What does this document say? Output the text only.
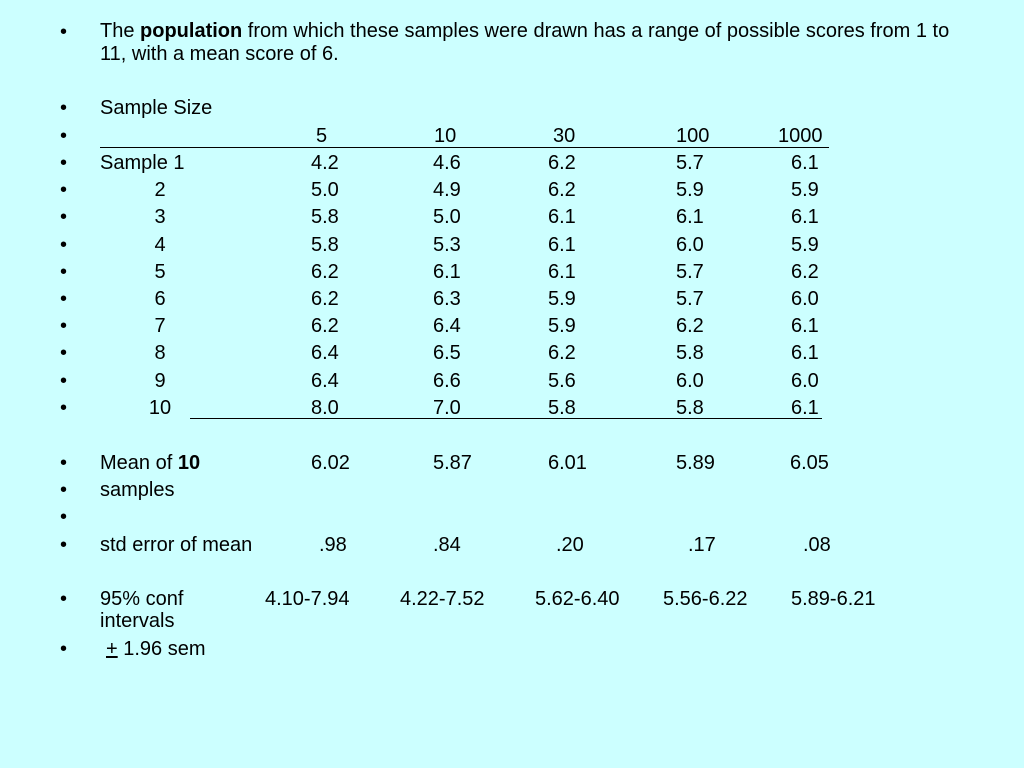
• The population from which these samples were drawn has a range of possible scores from 1 to 11, with a mean score of 6.
• Sample Size
•	5	10	30	100	1000
• Sample 1	4.2	4.6	6.2	5.7	6.1
•	2	5.0	4.9	6.2	5.9	5.9
•	3	5.8	5.0	6.1	6.1	6.1
•	4	5.8	5.3	6.1	6.0	5.9
•	5	6.2	6.1	6.1	5.7	6.2
•	6	6.2	6.3	5.9	5.7	6.0
•	7	6.2	6.4	5.9	6.2	6.1
•	8	6.4	6.5	6.2	5.8	6.1
•	9	6.4	6.6	5.6	6.0	6.0
•	10	8.0	7.0	5.8	5.8	6.1
• Mean of 10	6.02	5.87	6.01	5.89	6.05
• samples
•
• std error of mean	.98	.84	.20	.17	.08
• 95% conf
intervals
4.10-7.94	4.22-7.52	5.62-6.40 5.56-6.22 5.89-6.21
• + 1.96 sem
